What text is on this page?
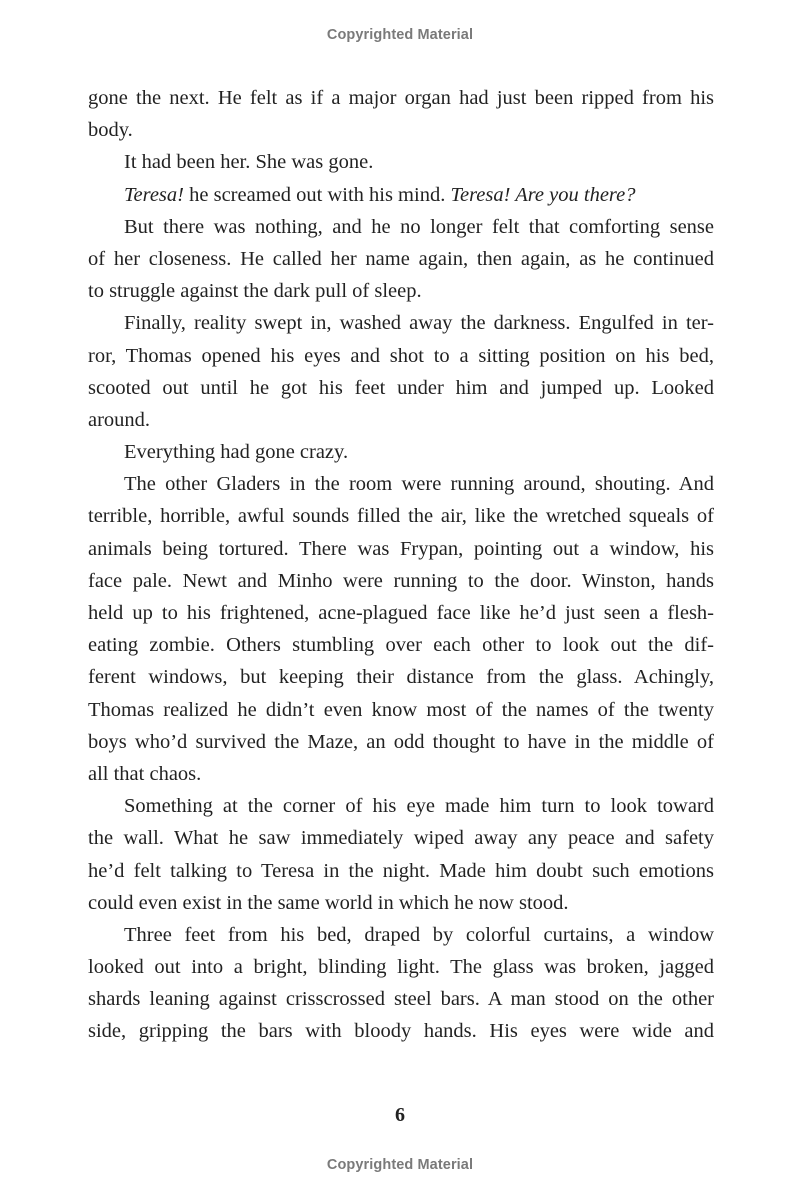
Copyrighted Material
gone the next. He felt as if a major organ had just been ripped from his
body.
It had been her. She was gone.
Teresa! he screamed out with his mind. Teresa! Are you there?
But there was nothing, and he no longer felt that comforting sense
of her closeness. He called her name again, then again, as he continued
to struggle against the dark pull of sleep.
Finally, reality swept in, washed away the darkness. Engulfed in ter-
ror, Thomas opened his eyes and shot to a sitting position on his bed,
scooted out until he got his feet under him and jumped up. Looked
around.
Everything had gone crazy.
The other Gladers in the room were running around, shouting. And
terrible, horrible, awful sounds filled the air, like the wretched squeals of
animals being tortured. There was Frypan, pointing out a window, his
face pale. Newt and Minho were running to the door. Winston, hands
held up to his frightened, acne-plagued face like he’d just seen a flesh-
eating zombie. Others stumbling over each other to look out the dif-
ferent windows, but keeping their distance from the glass. Achingly,
Thomas realized he didn’t even know most of the names of the twenty
boys who’d survived the Maze, an odd thought to have in the middle of
all that chaos.
Something at the corner of his eye made him turn to look toward
the wall. What he saw immediately wiped away any peace and safety
he’d felt talking to Teresa in the night. Made him doubt such emotions
could even exist in the same world in which he now stood.
Three feet from his bed, draped by colorful curtains, a window
looked out into a bright, blinding light. The glass was broken, jagged
shards leaning against crisscrossed steel bars. A man stood on the other
side, gripping the bars with bloody hands. His eyes were wide and
6
Copyrighted Material
